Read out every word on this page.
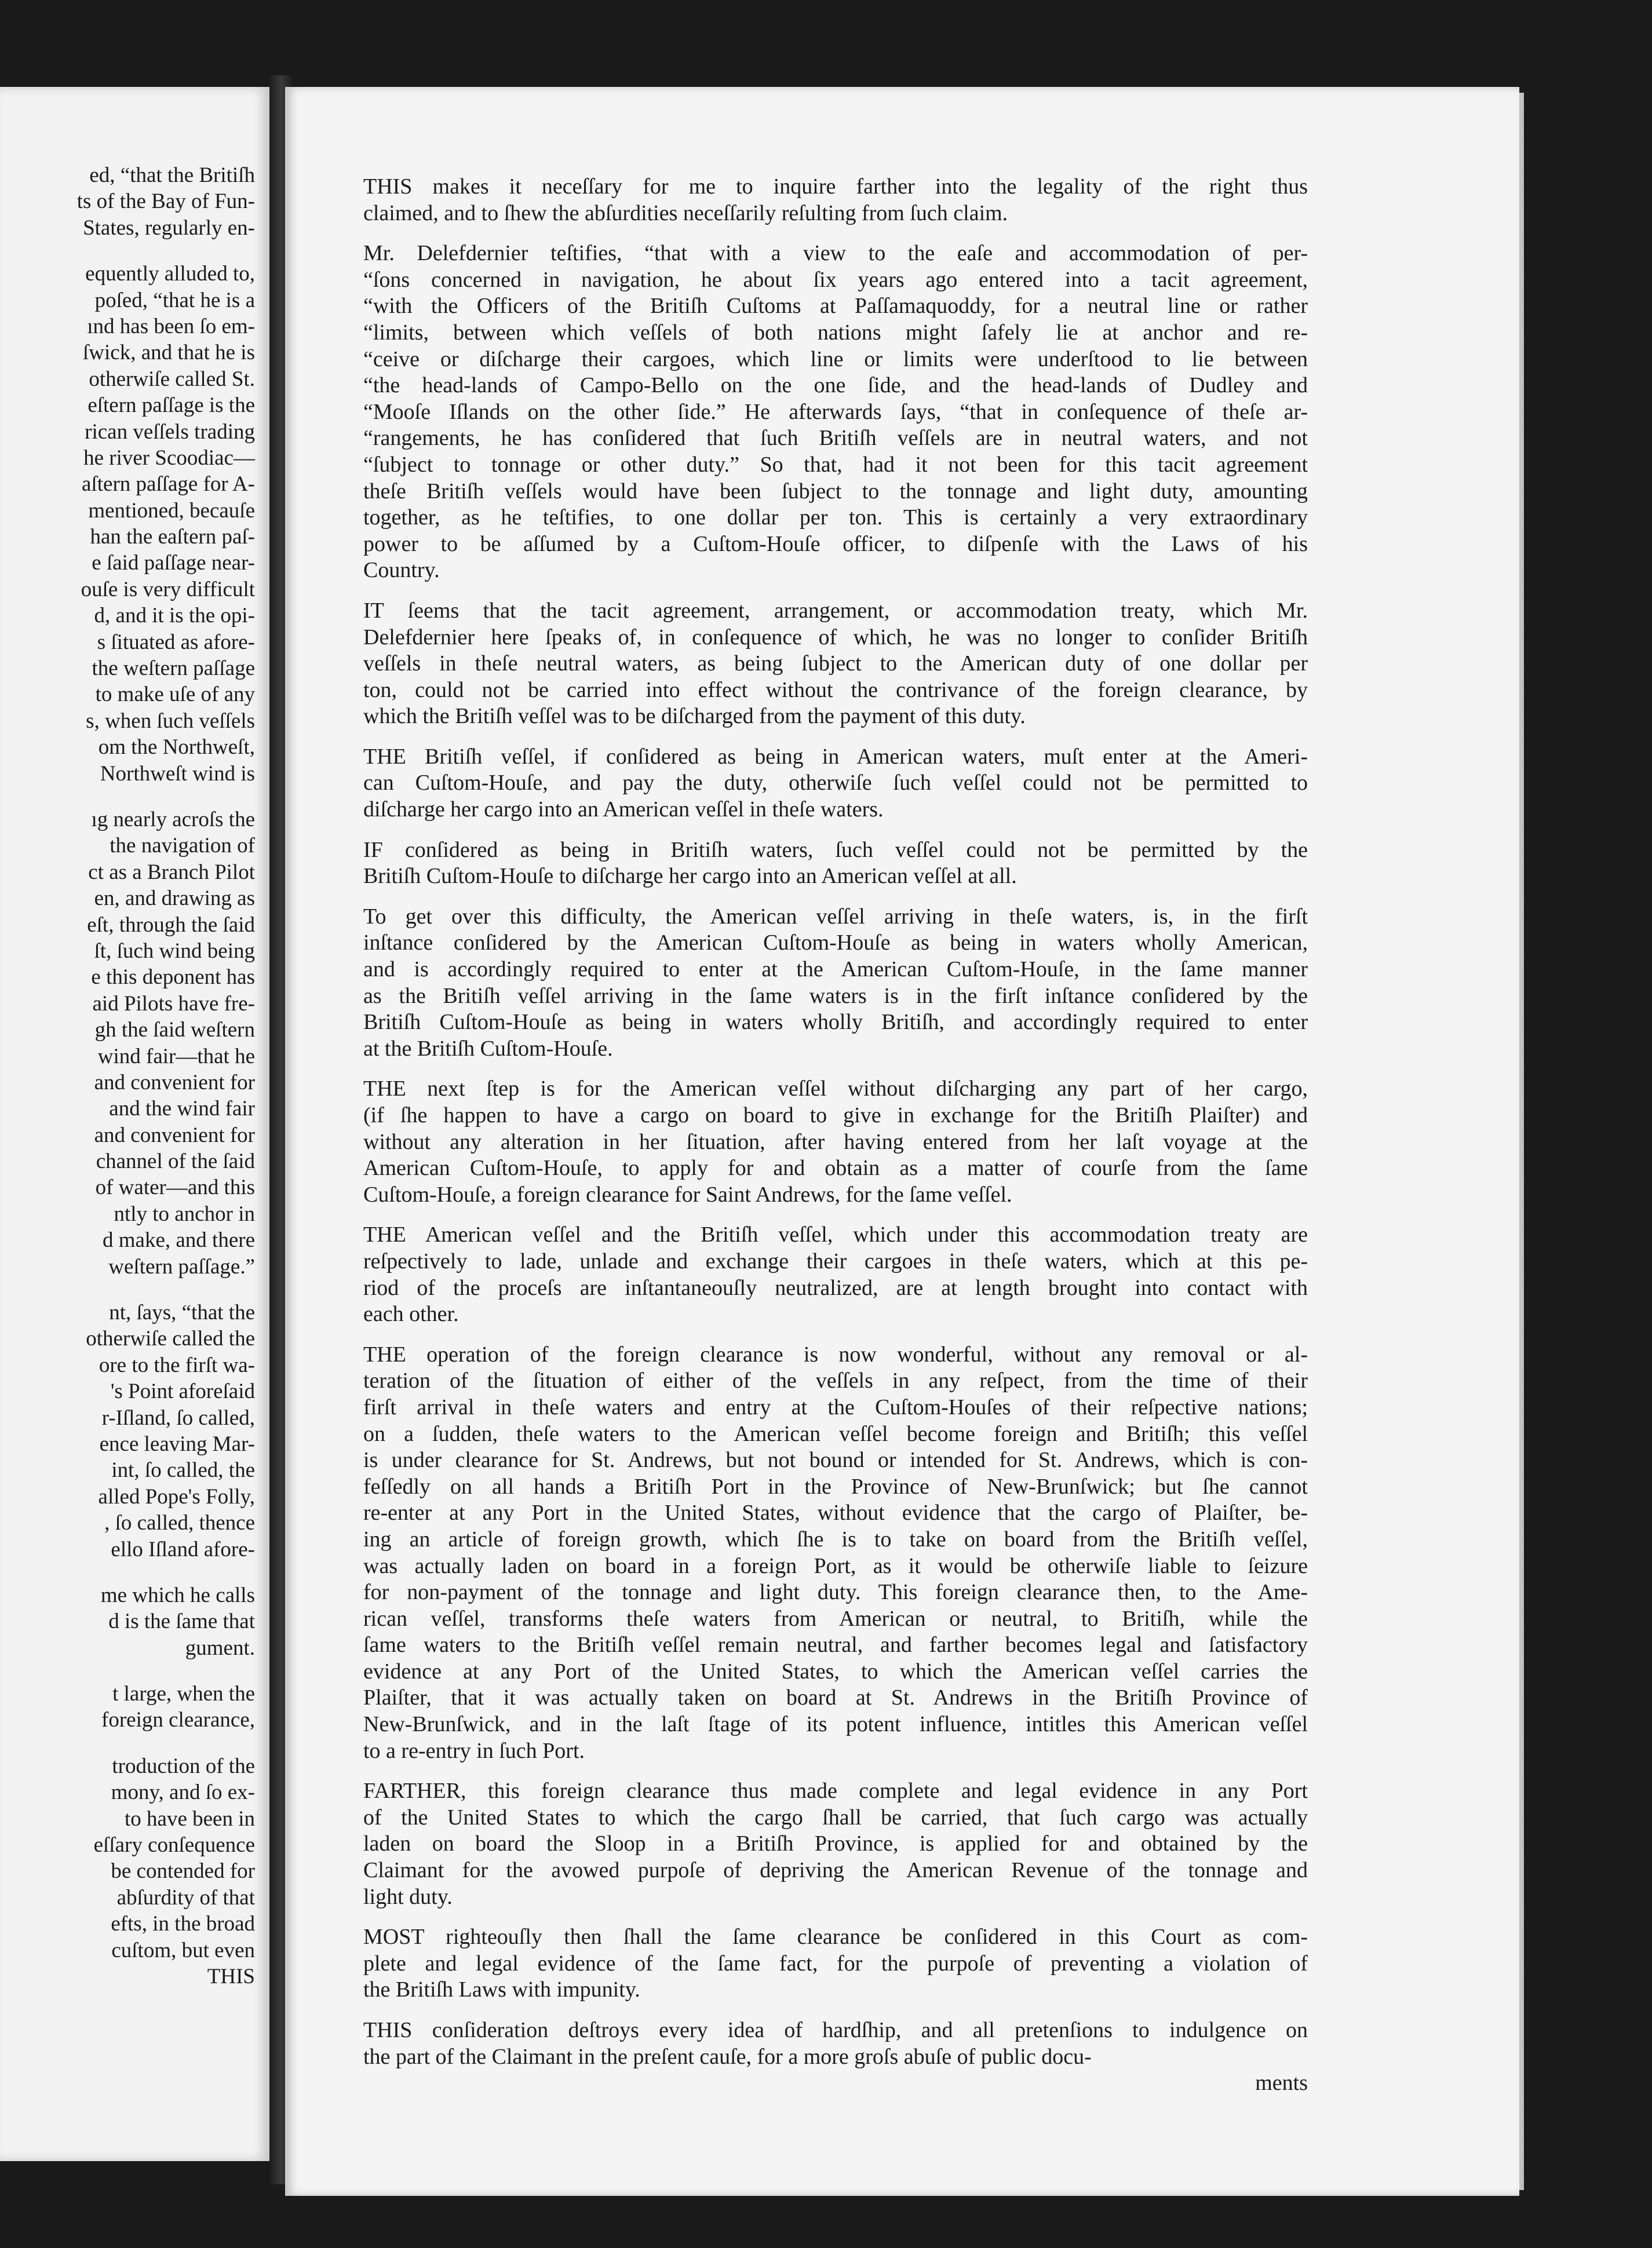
ed, “that the Britiſh
ts of the Bay of Fun-
States, regularly en-
equently alluded to,
poſed, “that he is a
ınd has been ſo em-
ſwick, and that he is
otherwiſe called St.
eſtern paſſage is the
rican veſſels trading
he river Scoodiac—
aſtern paſſage for A-
mentioned, becauſe
han the eaſtern paſ-
e ſaid paſſage near-
ouſe is very difficult
d, and it is the opi-
s ſituated as afore-
the weſtern paſſage
to make uſe of any
s, when ſuch veſſels
om the Northweſt,
Northweſt wind is
ıg nearly acroſs the
the navigation of
ct as a Branch Pilot
en, and drawing as
eſt, through the ſaid
ſt, ſuch wind being
e this deponent has
aid Pilots have fre-
gh the ſaid weſtern
wind fair—that he
and convenient for
and the wind fair
and convenient for
channel of the ſaid
of water—and this
ntly to anchor in
d make, and there
weſtern paſſage.”
nt, ſays, “that the
otherwiſe called the
ore to the firſt wa-
's Point aforeſaid
r-Iſland, ſo called,
ence leaving Mar-
int, ſo called, the
alled Pope's Folly,
, ſo called, thence
ello Iſland afore-
me which he calls
d is the ſame that
gument.
t large, when the
foreign clearance,
troduction of the
mony, and ſo ex-
to have been in
eſſary conſequence
be contended for
abſurdity of that
efts, in the broad
cuſtom, but even
THIS
23
THIS makes it neceſſary for me to inquire farther into the legality of the right thus
claimed, and to ſhew the abſurdities neceſſarily reſulting from ſuch claim.
Mr. Delefdernier teſtifies, “that with a view to the eaſe and accommodation of per-
“ſons concerned in navigation, he about ſix years ago entered into a tacit agreement,
“with the Officers of the Britiſh Cuſtoms at Paſſamaquoddy, for a neutral line or rather
“limits, between which veſſels of both nations might ſafely lie at anchor and re-
“ceive or diſcharge their cargoes, which line or limits were underſtood to lie between
“the head-lands of Campo-Bello on the one ſide, and the head-lands of Dudley and
“Mooſe Iſlands on the other ſide.” He afterwards ſays, “that in conſequence of theſe ar-
“rangements, he has conſidered that ſuch Britiſh veſſels are in neutral waters, and not
“ſubject to tonnage or other duty.” So that, had it not been for this tacit agreement
theſe Britiſh veſſels would have been ſubject to the tonnage and light duty, amounting
together, as he teſtifies, to one dollar per ton. This is certainly a very extraordinary
power to be aſſumed by a Cuſtom-Houſe officer, to diſpenſe with the Laws of his
Country.
IT ſeems that the tacit agreement, arrangement, or accommodation treaty, which Mr.
Delefdernier here ſpeaks of, in conſequence of which, he was no longer to conſider Britiſh
veſſels in theſe neutral waters, as being ſubject to the American duty of one dollar per
ton, could not be carried into effect without the contrivance of the foreign clearance, by
which the Britiſh veſſel was to be diſcharged from the payment of this duty.
THE Britiſh veſſel, if conſidered as being in American waters, muſt enter at the Ameri-
can Cuſtom-Houſe, and pay the duty, otherwiſe ſuch veſſel could not be permitted to
diſcharge her cargo into an American veſſel in theſe waters.
IF conſidered as being in Britiſh waters, ſuch veſſel could not be permitted by the
Britiſh Cuſtom-Houſe to diſcharge her cargo into an American veſſel at all.
To get over this difficulty, the American veſſel arriving in theſe waters, is, in the firſt
inſtance conſidered by the American Cuſtom-Houſe as being in waters wholly American,
and is accordingly required to enter at the American Cuſtom-Houſe, in the ſame manner
as the Britiſh veſſel arriving in the ſame waters is in the firſt inſtance conſidered by the
Britiſh Cuſtom-Houſe as being in waters wholly Britiſh, and accordingly required to enter
at the Britiſh Cuſtom-Houſe.
THE next ſtep is for the American veſſel without diſcharging any part of her cargo,
(if ſhe happen to have a cargo on board to give in exchange for the Britiſh Plaiſter) and
without any alteration in her ſituation, after having entered from her laſt voyage at the
American Cuſtom-Houſe, to apply for and obtain as a matter of courſe from the ſame
Cuſtom-Houſe, a foreign clearance for Saint Andrews, for the ſame veſſel.
THE American veſſel and the Britiſh veſſel, which under this accommodation treaty are
reſpectively to lade, unlade and exchange their cargoes in theſe waters, which at this pe-
riod of the proceſs are inſtantaneouſly neutralized, are at length brought into contact with
each other.
THE operation of the foreign clearance is now wonderful, without any removal or al-
teration of the ſituation of either of the veſſels in any reſpect, from the time of their
firſt arrival in theſe waters and entry at the Cuſtom-Houſes of their reſpective nations;
on a ſudden, theſe waters to the American veſſel become foreign and Britiſh; this veſſel
is under clearance for St. Andrews, but not bound or intended for St. Andrews, which is con-
feſſedly on all hands a Britiſh Port in the Province of New-Brunſwick; but ſhe cannot
re-enter at any Port in the United States, without evidence that the cargo of Plaiſter, be-
ing an article of foreign growth, which ſhe is to take on board from the Britiſh veſſel,
was actually laden on board in a foreign Port, as it would be otherwiſe liable to ſeizure
for non-payment of the tonnage and light duty. This foreign clearance then, to the Ame-
rican veſſel, transforms theſe waters from American or neutral, to Britiſh, while the
ſame waters to the Britiſh veſſel remain neutral, and farther becomes legal and ſatisfactory
evidence at any Port of the United States, to which the American veſſel carries the
Plaiſter, that it was actually taken on board at St. Andrews in the Britiſh Province of
New-Brunſwick, and in the laſt ſtage of its potent influence, intitles this American veſſel
to a re-entry in ſuch Port.
FARTHER, this foreign clearance thus made complete and legal evidence in any Port
of the United States to which the cargo ſhall be carried, that ſuch cargo was actually
laden on board the Sloop in a Britiſh Province, is applied for and obtained by the
Claimant for the avowed purpoſe of depriving the American Revenue of the tonnage and
light duty.
MOST righteouſly then ſhall the ſame clearance be conſidered in this Court as com-
plete and legal evidence of the ſame fact, for the purpoſe of preventing a violation of
the Britiſh Laws with impunity.
THIS conſideration deſtroys every idea of hardſhip, and all pretenſions to indulgence on
the part of the Claimant in the preſent cauſe, for a more groſs abuſe of public docu-
ments
